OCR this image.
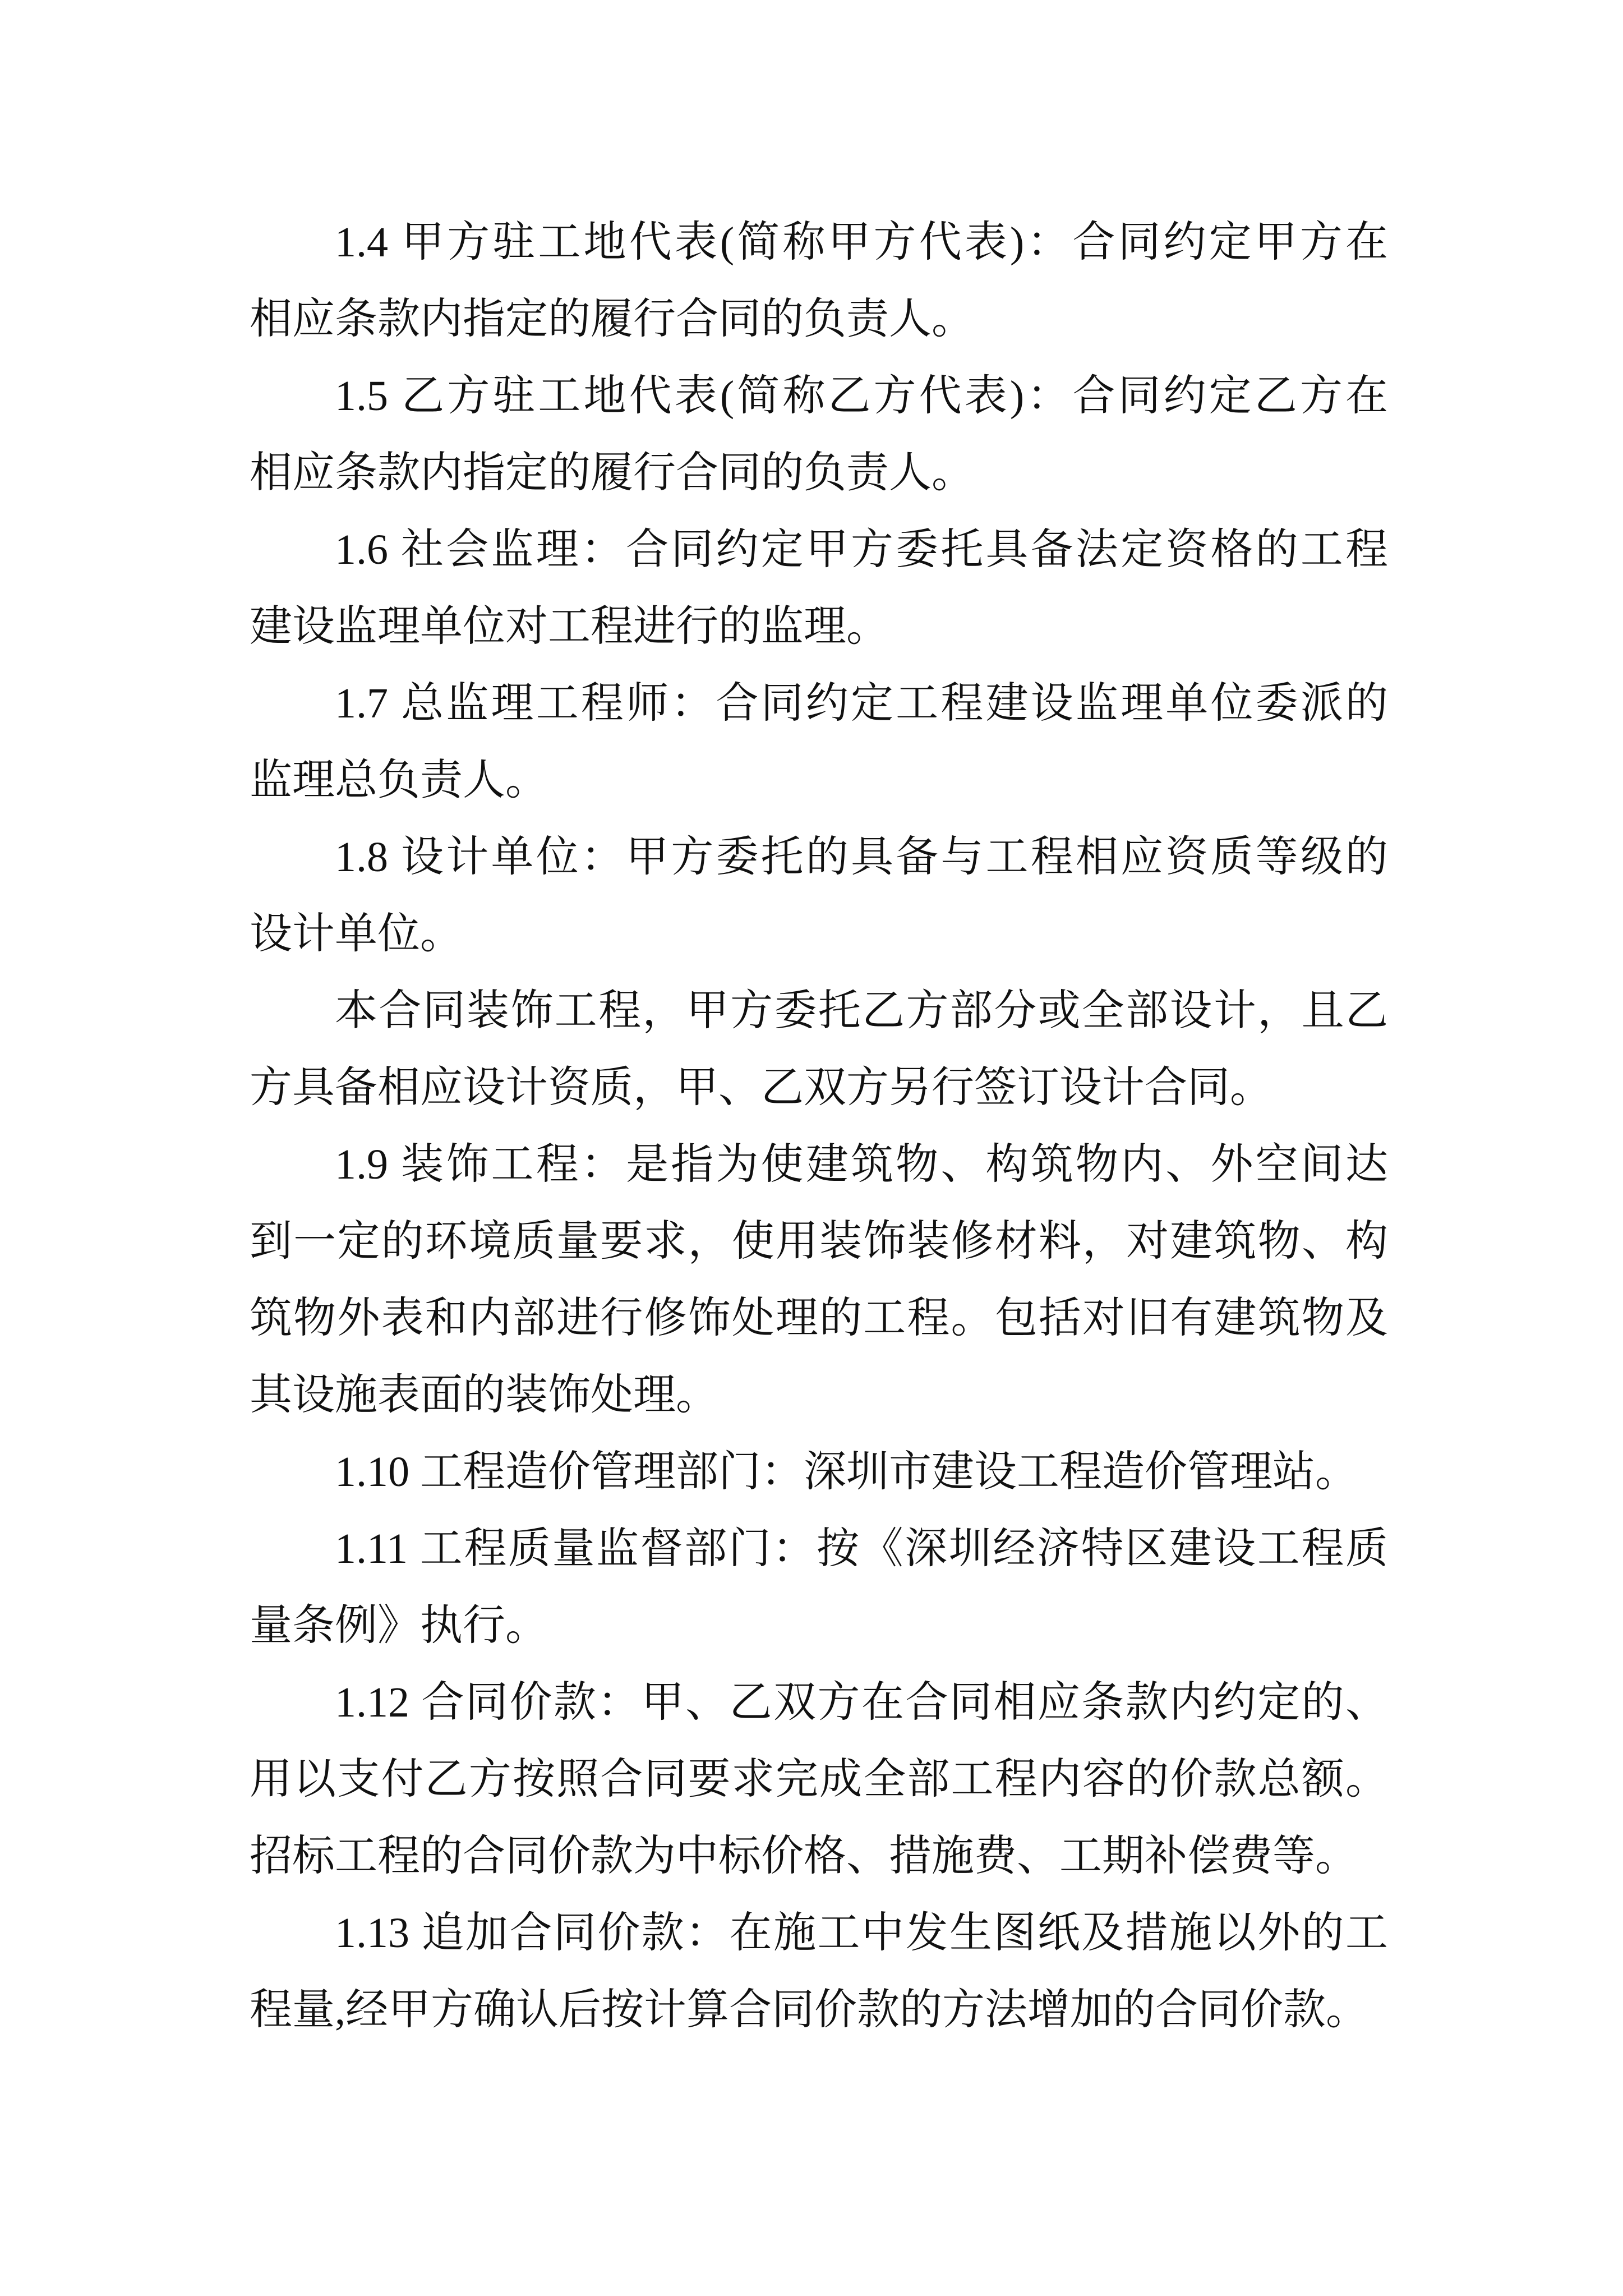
1.4 甲方驻工地代表(简称甲方代表)：合同约定甲方在
相应条款内指定的履行合同的负责人。
1.5 乙方驻工地代表(简称乙方代表)：合同约定乙方在
相应条款内指定的履行合同的负责人。
1.6 社会监理：合同约定甲方委托具备法定资格的工程
建设监理单位对工程进行的监理。
1.7 总监理工程师：合同约定工程建设监理单位委派的
监理总负责人。
1.8 设计单位：甲方委托的具备与工程相应资质等级的
设计单位。
本合同装饰工程，甲方委托乙方部分或全部设计，且乙
方具备相应设计资质，甲、乙双方另行签订设计合同。
1.9 装饰工程：是指为使建筑物、构筑物内、外空间达
到一定的环境质量要求，使用装饰装修材料，对建筑物、构
筑物外表和内部进行修饰处理的工程。包括对旧有建筑物及
其设施表面的装饰处理。
1.10 工程造价管理部门：深圳市建设工程造价管理站。
1.11 工程质量监督部门：按《深圳经济特区建设工程质
量条例》执行。
1.12 合同价款：甲、乙双方在合同相应条款内约定的、
用以支付乙方按照合同要求完成全部工程内容的价款总额。
招标工程的合同价款为中标价格、措施费、工期补偿费等。
1.13 追加合同价款：在施工中发生图纸及措施以外的工
程量,经甲方确认后按计算合同价款的方法增加的合同价款。
